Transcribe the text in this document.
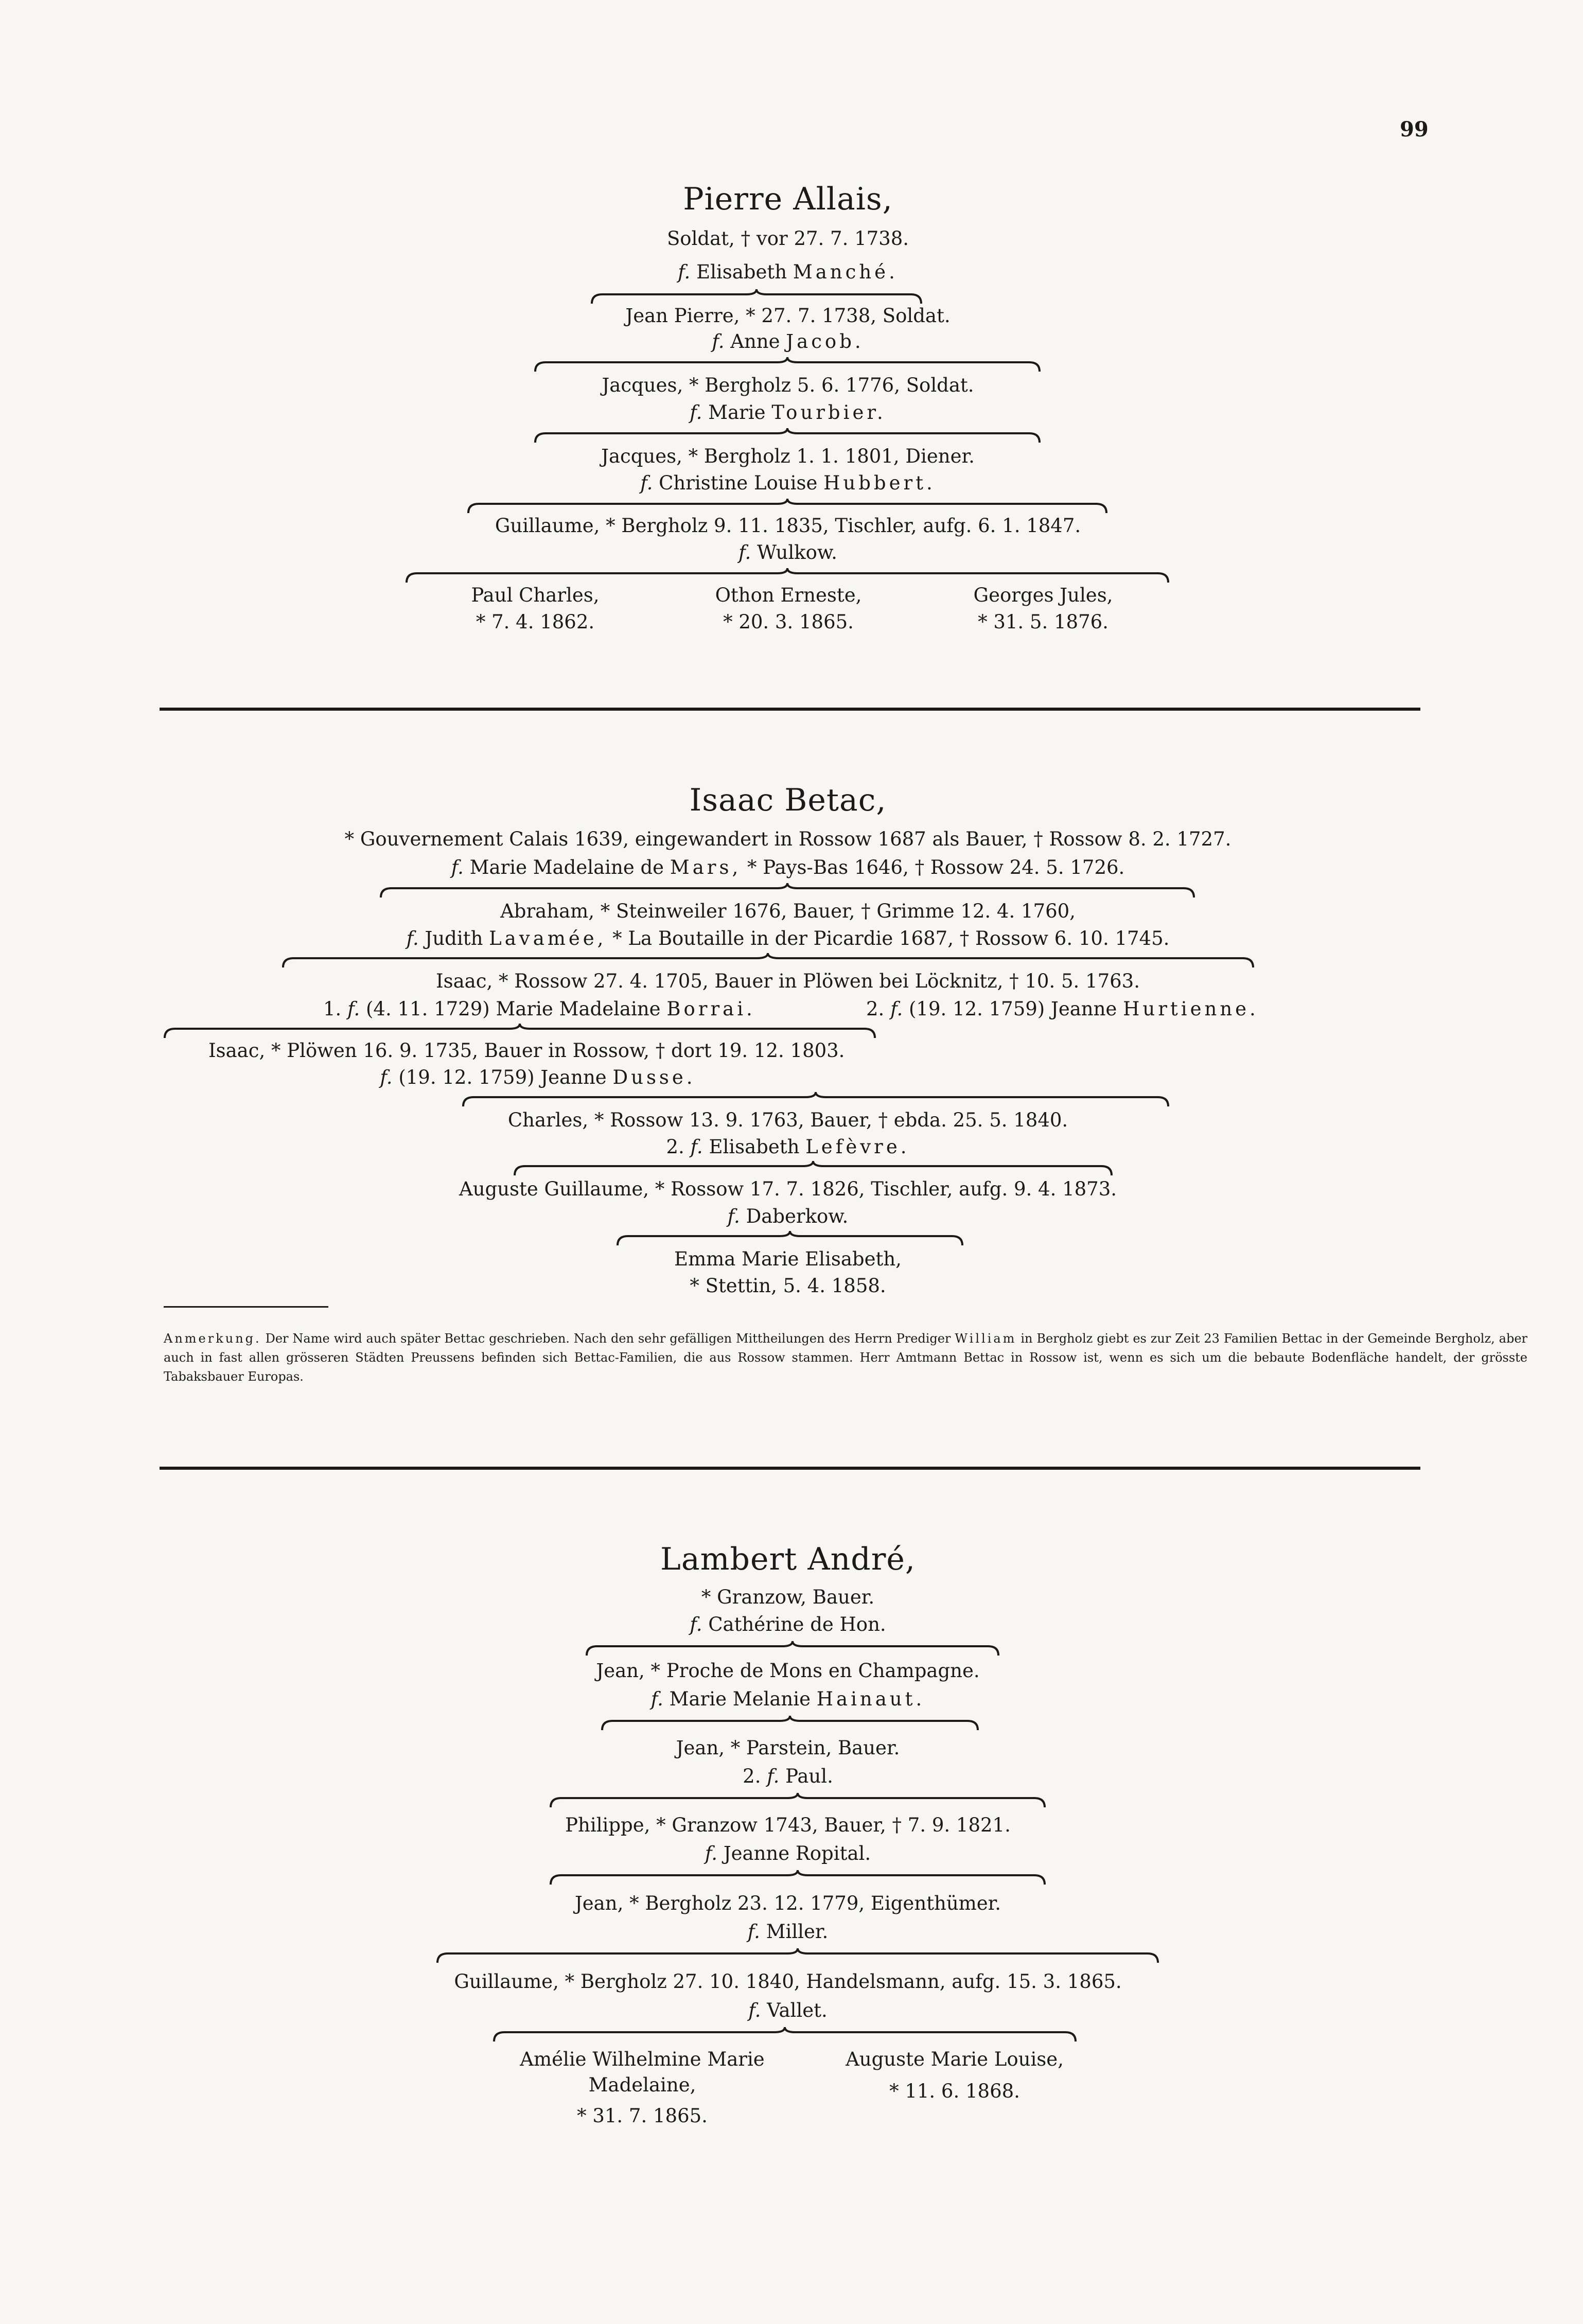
99
Pierre Allais,
Soldat, † vor 27. 7. 1738.
f. Elisabeth Manché.
Jean Pierre, * 27. 7. 1738, Soldat.
f. Anne Jacob.
Jacques, * Bergholz 5. 6. 1776, Soldat.
f. Marie Tourbier.
Jacques, * Bergholz 1. 1. 1801, Diener.
f. Christine Louise Hubbert.
Guillaume, * Bergholz 9. 11. 1835, Tischler, aufg. 6. 1. 1847.
f. Wulkow.
Paul Charles,
* 7. 4. 1862.
Othon Erneste,
* 20. 3. 1865.
Georges Jules,
* 31. 5. 1876.
Isaac Betac,
* Gouvernement Calais 1639, eingewandert in Rossow 1687 als Bauer, † Rossow 8. 2. 1727.
f. Marie Madelaine de Mars, * Pays-Bas 1646, † Rossow 24. 5. 1726.
Abraham, * Steinweiler 1676, Bauer, † Grimme 12. 4. 1760,
f. Judith Lavamée, * La Boutaille in der Picardie 1687, † Rossow 6. 10. 1745.
Isaac, * Rossow 27. 4. 1705, Bauer in Plöwen bei Löcknitz, † 10. 5. 1763.
1. f. (4. 11. 1729) Marie Madelaine Borrai.	2. f. (19. 12. 1759) Jeanne Hurtienne.
Isaac, * Plöwen 16. 9. 1735, Bauer in Rossow, † dort 19. 12. 1803.
f. (19. 12. 1759) Jeanne Dusse.
Charles, * Rossow 13. 9. 1763, Bauer, † ebda. 25. 5. 1840.
2. f. Elisabeth Lefèvre.
Auguste Guillaume, * Rossow 17. 7. 1826, Tischler, aufg. 9. 4. 1873.
f. Daberkow.
Emma Marie Elisabeth,
* Stettin, 5. 4. 1858.
Anmerkung. Der Name wird auch später Bettac geschrieben. Nach den sehr gefälligen Mittheilungen des Herrn Prediger William in Bergholz giebt es zur Zeit 23 Familien Bettac in der Gemeinde Bergholz, aber auch in fast allen grösseren Städten Preussens befinden sich Bettac-Familien, die aus Rossow stammen. Herr Amtmann Bettac in Rossow ist, wenn es sich um die bebaute Bodenfläche handelt, der grösste Tabaksbauer Europas.
Lambert André,
* Granzow, Bauer.
f. Cathérine de Hon.
Jean, * Proche de Mons en Champagne.
f. Marie Melanie Hainaut.
Jean, * Parstein, Bauer.
2. f. Paul.
Philippe, * Granzow 1743, Bauer, † 7. 9. 1821.
f. Jeanne Ropital.
Jean, * Bergholz 23. 12. 1779, Eigenthümer.
f. Miller.
Guillaume, * Bergholz 27. 10. 1840, Handelsmann, aufg. 15. 3. 1865.
f. Vallet.
Amélie Wilhelmine Marie
Madelaine,
* 31. 7. 1865.
Auguste Marie Louise,
* 11. 6. 1868.
